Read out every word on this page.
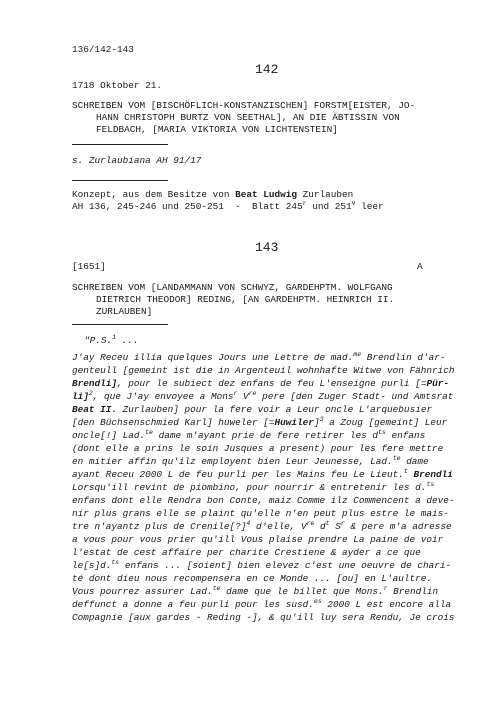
136/142-143
142
1718 Oktober 21.
SCHREIBEN VOM [BISCHÖFLICH-KONSTANZISCHEN] FORSTM[EISTER, JO-
HANN CHRISTOPH BURTZ VON SEETHAL], AN DIE ÄBTISSIN VON
FELDBACH, [MARIA VIKTORIA VON LICHTENSTEIN]
s. Zurlaubiana AH 91/17
Konzept, aus dem Besitze von Beat Ludwig Zurlauben
AH 136, 245-246 und 250-251  -  Blatt 245$^r$ und 251$^v$ leer
143
[1651]	A
SCHREIBEN VOM [LANDAMMANN VON SCHWYZ, GARDEHPTM. WOLFGANG
DIETRICH THEODOR] REDING, [AN GARDEHPTM. HEINRICH II.
ZURLAUBEN]
"P.S.$^1$ ...
J'ay Receu illia quelques Jours une Lettre de mad.$^{me}$ Brendlin d'ar-
genteull [gemeint ist die in Argenteuil wohnhafte Witwe von Fähnrich
Brendli], pour le subiect dez enfans de feu L'enseigne purli [=Pür-
li]$^2$, que J'ay envoyee a Mons$^r$ Vre pere [den Zuger Stadt- und Amtsrat
Beat II. Zurlauben] pour la fere voir a Leur oncle L'arquebusier
[den Büchsenschmied Karl] huweler [=Huwiler]$^3$ a Zoug [gemeint] Leur
oncle[!] Lad.$^{te}$ dame m'ayant prie de fere retirer les $d^{ts}$ enfans
(dont elle a prins le soin Jusques a present) pour les fere mettre
en mitier affin qu'ilz employent bien Leur Jeunesse, Lad.$^{te}$ dame
ayant Receu 2000 L de feu purli per les Mains feu Le Lieut.$^t$ Brendli
Lorsqu'ill revint de piombino, pour nourrir & entretenir les d.$^{ts}$
enfans dont elle Rendra bon Conte, maiz Comme ilz Commencent a deve-
nir plus grans elle se plaint qu'elle n'en peut plus estre le mais-
tre n'ayantz plus de Crenile[?]$^4$ d'elle, Vre $d^t$ $S^r$ & pere m'a adresse
a vous pour vous prier qu'ill Vous plaise prendre La paine de voir
l'estat de cest affaire per charite Crestiene & ayder a ce que
le[s]d.$^{ts}$ enfans ... [soient] bien elevez c'est une oeuvre de chari-
té dont dieu nous recompensera en ce Monde ... [ou] en L'aultre.
Vous pourrez assurer Lad.$^{te}$ dame que le billet que Mons.$^r$ Brendlin
deffunct a donne a feu purli pour les susd.$^{es}$ 2000 L est encore alla
Compagnie [aux gardes - Reding -], & qu'ill luy sera Rendu, Je crois
